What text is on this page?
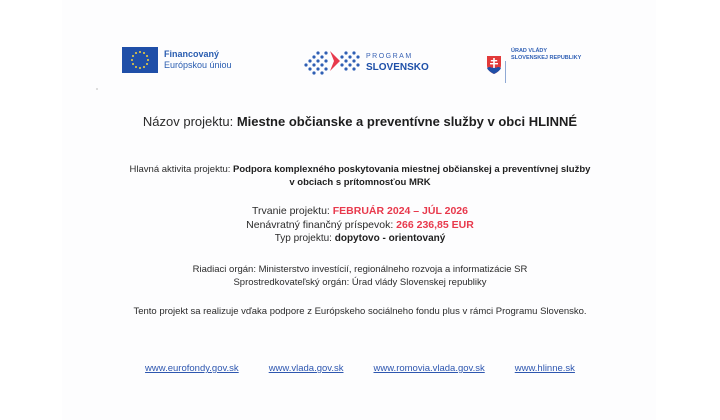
Financovaný
Európskou úniou
PROGRAM
SLOVENSKO
ÚRAD VLÁDY
SLOVENSKEJ REPUBLIKY
Názov projektu: Miestne občianske a preventívne služby v obci HLINNÉ
Hlavná aktivita projektu: Podpora komplexného poskytovania miestnej občianskej a preventívnej služby
v obciach s prítomnosťou MRK
Trvanie projektu: FEBRUÁR 2024 – JÚL 2026
Nenávratný finančný príspevok: 266 236,85 EUR
Typ projektu: dopytovo - orientovaný
Riadiaci orgán: Ministerstvo investícií, regionálneho rozvoja a informatizácie SR
Sprostredkovateľský orgán: Úrad vlády Slovenskej republiky
Tento projekt sa realizuje vďaka podpore z Európskeho sociálneho fondu plus v rámci Programu Slovensko.
www.eurofondy.gov.sk	www.vlada.gov.sk	www.romovia.vlada.gov.sk	www.hlinne.sk
